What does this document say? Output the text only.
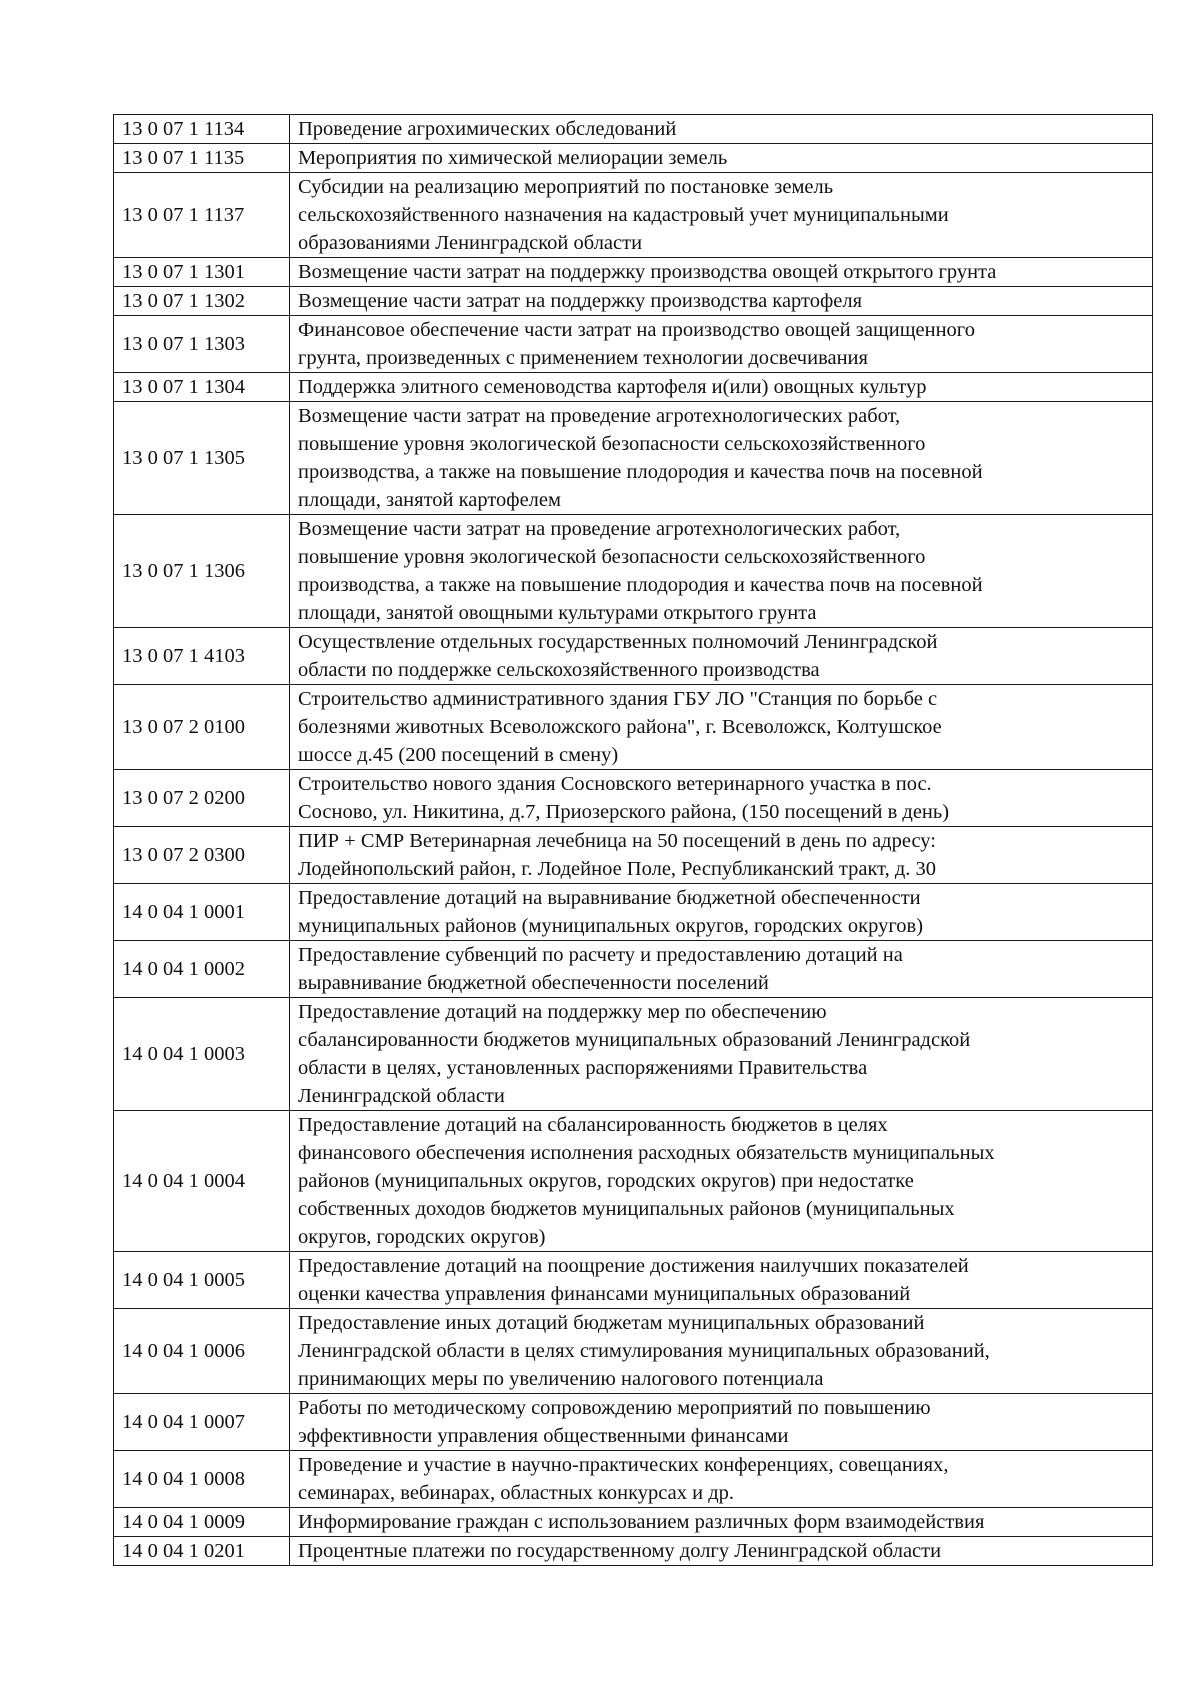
13 0 07 1 1134	Проведение агрохимических обследований

13 0 07 1 1135	Мероприятия по химической мелиорации земель

13 0 07 1 1137	Субсидии на реализацию мероприятий по постановке земель
сельскохозяйственного назначения на кадастровый учет муниципальными
образованиями Ленинградской области

13 0 07 1 1301	Возмещение части затрат на поддержку производства овощей открытого грунта

13 0 07 1 1302	Возмещение части затрат на поддержку производства картофеля

13 0 07 1 1303	Финансовое обеспечение части затрат на производство овощей защищенного
грунта, произведенных с применением технологии досвечивания

13 0 07 1 1304	Поддержка элитного семеноводства картофеля и(или) овощных культур

13 0 07 1 1305	Возмещение части затрат на проведение агротехнологических работ,
повышение уровня экологической безопасности сельскохозяйственного
производства, а также на повышение плодородия и качества почв на посевной
площади, занятой картофелем

13 0 07 1 1306	Возмещение части затрат на проведение агротехнологических работ,
повышение уровня экологической безопасности сельскохозяйственного
производства, а также на повышение плодородия и качества почв на посевной
площади, занятой овощными культурами открытого грунта

13 0 07 1 4103	Осуществление отдельных государственных полномочий Ленинградской
области по поддержке сельскохозяйственного производства

13 0 07 2 0100	Строительство административного здания ГБУ ЛО "Станция по борьбе с
болезнями животных Всеволожского района", г. Всеволожск, Колтушское
шоссе д.45 (200 посещений в смену)

13 0 07 2 0200	Строительство нового здания Сосновского ветеринарного участка в пос.
Сосново, ул. Никитина, д.7, Приозерского района, (150 посещений в день)

13 0 07 2 0300	ПИР + СМР Ветеринарная лечебница на 50 посещений в день по адресу:
Лодейнопольский район, г. Лодейное Поле, Республиканский тракт, д. 30

14 0 04 1 0001	Предоставление дотаций на выравнивание бюджетной обеспеченности
муниципальных районов (муниципальных округов, городских округов)

14 0 04 1 0002	Предоставление субвенций по расчету и предоставлению дотаций на
выравнивание бюджетной обеспеченности поселений

14 0 04 1 0003	Предоставление дотаций на поддержку мер по обеспечению
сбалансированности бюджетов муниципальных образований Ленинградской
области в целях, установленных распоряжениями Правительства
Ленинградской области

14 0 04 1 0004	Предоставление дотаций на сбалансированность бюджетов в целях
финансового обеспечения исполнения расходных обязательств муниципальных
районов (муниципальных округов, городских округов) при недостатке
собственных доходов бюджетов муниципальных районов (муниципальных
округов, городских округов)

14 0 04 1 0005	Предоставление дотаций на поощрение достижения наилучших показателей
оценки качества управления финансами муниципальных образований

14 0 04 1 0006	Предоставление иных дотаций бюджетам муниципальных образований
Ленинградской области в целях стимулирования муниципальных образований,
принимающих меры по увеличению налогового потенциала

14 0 04 1 0007	Работы по методическому сопровождению мероприятий по повышению
эффективности управления общественными финансами

14 0 04 1 0008	Проведение и участие в научно-практических конференциях, совещаниях,
семинарах, вебинарах, областных конкурсах и др.

14 0 04 1 0009	Информирование граждан с использованием различных форм взаимодействия

14 0 04 1 0201	Процентные платежи по государственному долгу Ленинградской области
